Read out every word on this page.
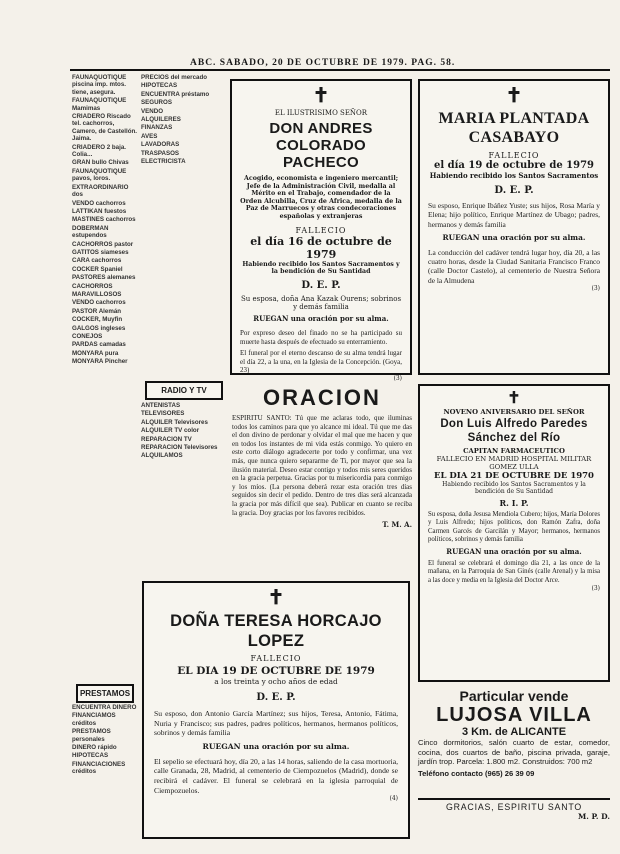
ABC. SABADO, 20 DE OCTUBRE DE 1979. PAG. 58.

FAUNAQUOTIQUE piscina imp. mtos. tiene, asegura.

FAUNAQUOTIQUE Mamimas

CRIADERO Riscado tel. cachorros, Camero, de Castellón. Jaima.

CRIADERO 2 baja. Colia...

GRAN bullo Chivas

FAUNAQUOTIQUE pavos, loros.

EXTRAORDINARIO dos

VENDO cachorros

LATTIKAN fuestos

MASTINES cachorros

DOBERMAN estupendos

CACHORROS pastor

GATITOS siameses

CARA cachorros

COCKER Spaniel

PASTORES alemanes

CACHORROS

MARAVILLOSOS

VENDO cachorros

PASTOR Alemán

COCKER, Muyfin

GALGOS ingleses

CONEJOS

PARDAS camadas

MONYARA pura

MONYARA Pincher

PRESTAMOS

ENCUENTRA DINERO

FINANCIAMOS créditos

PRESTAMOS personales

DINERO rápido

HIPOTECAS

FINANCIACIONES créditos

PRECIOS del mercado

HIPOTECAS

ENCUENTRA préstamo

SEGUROS

VENDO

ALQUILERES

FINANZAS

AVES

LAVADORAS

TRASPASOS

ELECTRICISTA

RADIO Y TV

ANTENISTAS

TELEVISORES

ALQUILER Televisores

ALQUILER TV color

REPARACION TV

REPARACION Televisores

ALQUILAMOS

✝
EL ILUSTRISIMO SEÑOR
DON ANDRES COLORADO
PACHECO
Acogido, economista e ingeniero mercantil; Jefe de la Administración Civil, medalla al Mérito en el Trabajo, comendador de la Orden Alcubilla, Cruz de Africa, medalla de la Paz de Marruecos y otras condecoraciones españolas y extranjeras
FALLECIO
el día 16 de octubre de 1979
Habiendo recibido los Santos Sacramentos y la bendición de Su Santidad
D. E. P.
Su esposa, doña Ana Kazak Ourens; sobrinos y demás familia
RUEGAN una oración por su alma.
Por expreso deseo del finado no se ha participado su muerte hasta después de efectuado su enterramiento.
El funeral por el eterno descanso de su alma tendrá lugar el día 22, a la una, en la Iglesia de la Concepción. (Goya, 23)
(3)
✝
MARIA PLANTADA
CASABAYO
FALLECIO
el día 19 de octubre de 1979
Habiendo recibido los Santos Sacramentos
D. E. P.
Su esposo, Enrique Ibáñez Yuste; sus hijos, Rosa María y Elena; hijo político, Enrique Martínez de Ubago; padres, hermanos y demás familia
RUEGAN una oración por su alma.
La conducción del cadáver tendrá lugar hoy, día 20, a las cuatro horas, desde la Ciudad Sanitaria Francisco Franco (calle Doctor Castelo), al cementerio de Nuestra Señora de la Almudena
(3)
ORACION
ESPIRITU SANTO: Tú que me aclaras todo, que iluminas todos los caminos para que yo alcance mi ideal. Tú que me das el don divino de perdonar y olvidar el mal que me hacen y que en todos los instantes de mi vida estás conmigo. Yo quiero en este corto diálogo agradecerte por todo y confirmar, una vez más, que nunca quiero separarme de Ti, por mayor que sea la ilusión material. Deseo estar contigo y todos mis seres queridos en la gracia perpetua. Gracias por tu misericordia para conmigo y los míos. (La persona deberá rezar esta oración tres días seguidos sin decir el pedido. Dentro de tres días será alcanzada la gracia por más difícil que sea). Publicar en cuanto se reciba la gracia. Doy gracias por los favores recibidos.
T. M. A.
✝
NOVENO ANIVERSARIO DEL SEÑOR
Don Luis Alfredo Paredes
Sánchez del Río
CAPITAN FARMACEUTICO
FALLECIO EN MADRID HOSPITAL MILITAR GOMEZ ULLA
EL DIA 21 DE OCTUBRE DE 1970
Habiendo recibido los Santos Sacramentos y la bendición de Su Santidad
R. I. P.
Su esposa, doña Jesusa Mendiola Cubero; hijos, María Dolores y Luis Alfredo; hijos políticos, don Ramón Zafra, doña Carmen Garcés de Garcilán y Mayor; hermanos, hermanos políticos, sobrinos y demás familia
RUEGAN una oración por su alma.
El funeral se celebrará el domingo día 21, a las once de la mañana, en la Parroquia de San Ginés (calle Arenal) y la misa a las doce y media en la Iglesia del Doctor Arce.
(3)
✝
DOÑA TERESA HORCAJO LOPEZ
FALLECIO
EL DIA 19 DE OCTUBRE DE 1979
a los treinta y ocho años de edad
D. E. P.
Su esposo, don Antonio García Martínez; sus hijos, Teresa, Antonio, Fátima, Nuria y Francisco; sus padres, padres políticos, hermanos, hermanos políticos, sobrinos y demás familia
RUEGAN una oración por su alma.
El sepelio se efectuará hoy, día 20, a las 14 horas, saliendo de la casa mortuoria, calle Granada, 28, Madrid, al cementerio de Ciempozuelos (Madrid), donde se recibirá el cadáver. El funeral se celebrará en la iglesia parroquial de Ciempozuelos.
(4)
Particular vende
LUJOSA VILLA
3 Km. de ALICANTE
Cinco dormitorios, salón cuarto de estar, comedor, cocina, dos cuartos de baño, piscina privada, garaje, jardín trop. Parcela: 1.800 m2. Construidos: 700 m2
Teléfono contacto (965) 26 39 09
GRACIAS, ESPIRITU SANTO
M. P. D.
